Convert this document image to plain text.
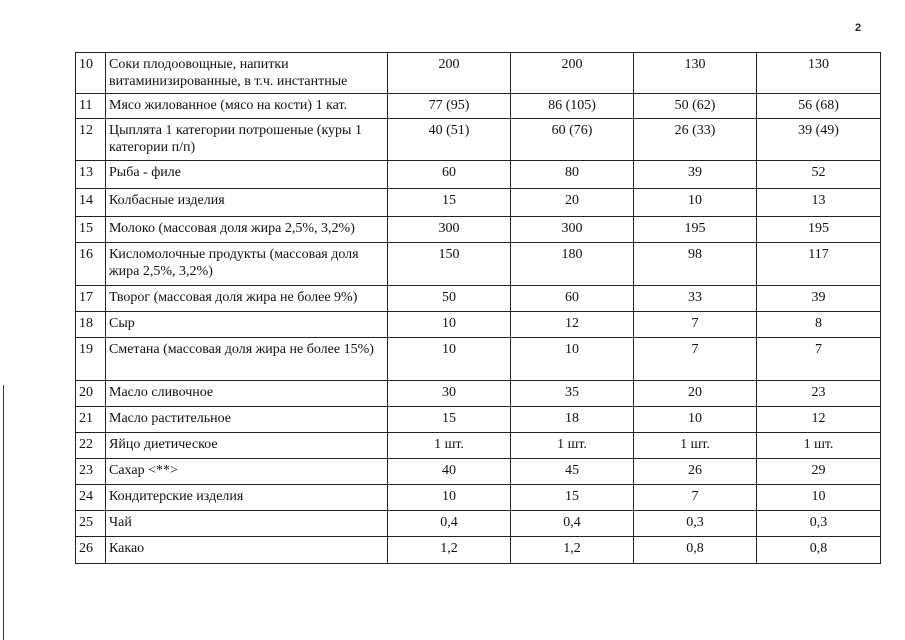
2
10	Соки плодоовощные, напитки витаминизированные, в т.ч. инстантные	200	200	130	130
11	Мясо жилованное (мясо на кости) 1 кат.	77 (95)	86 (105)	50 (62)	56 (68)
12	Цыплята 1 категории потрошеные (куры 1 категории п/п)	40 (51)	60 (76)	26 (33)	39 (49)
13	Рыба - филе	60	80	39	52
14	Колбасные изделия	15	20	10	13
15	Молоко (массовая доля жира 2,5%, 3,2%)	300	300	195	195
16	Кисломолочные продукты (массовая доля жира 2,5%, 3,2%)	150	180	98	117
17	Творог (массовая доля жира не более 9%)	50	60	33	39
18	Сыр	10	12	7	8
19	Сметана (массовая доля жира не более 15%)	10	10	7	7
20	Масло сливочное	30	35	20	23
21	Масло растительное	15	18	10	12
22	Яйцо диетическое	1 шт.	1 шт.	1 шт.	1 шт.
23	Сахар <**>	40	45	26	29
24	Кондитерские изделия	10	15	7	10
25	Чай	0,4	0,4	0,3	0,3
26	Какао	1,2	1,2	0,8	0,8
